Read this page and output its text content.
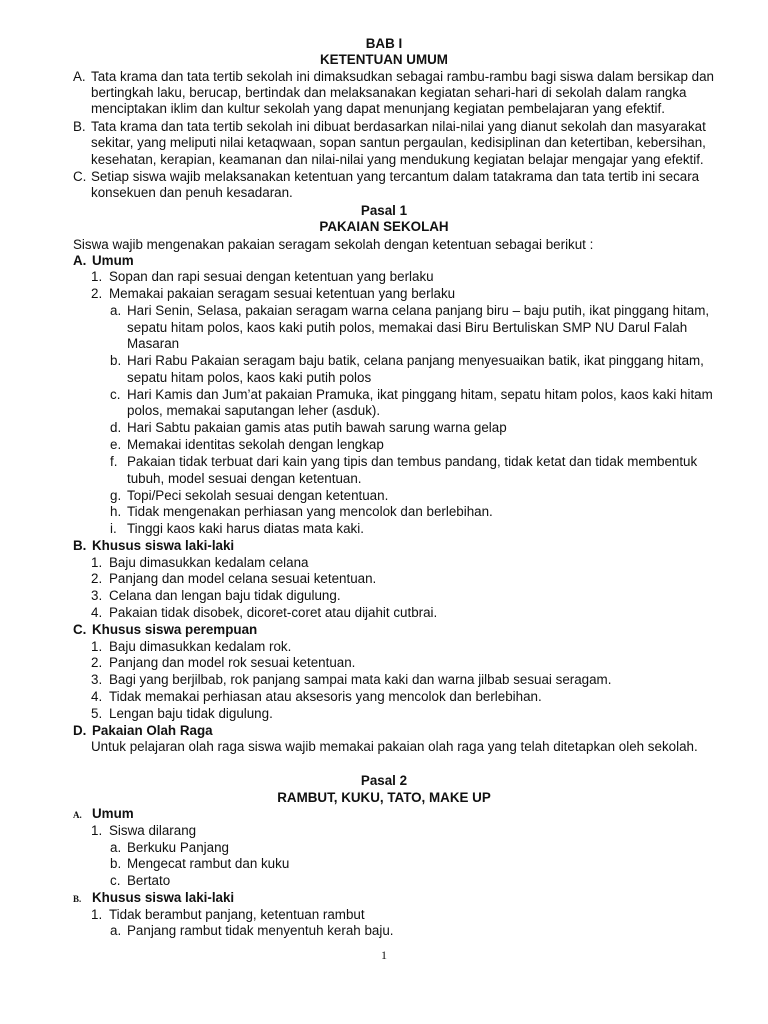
BAB I
KETENTUAN UMUM
A. Tata krama dan tata tertib sekolah ini dimaksudkan sebagai rambu-rambu bagi siswa dalam bersikap dan
bertingkah laku, berucap, bertindak dan melaksanakan kegiatan sehari-hari di sekolah dalam rangka
menciptakan iklim dan kultur sekolah yang dapat menunjang kegiatan pembelajaran yang efektif.
B. Tata krama dan tata tertib sekolah ini dibuat berdasarkan nilai-nilai yang dianut sekolah dan masyarakat
sekitar, yang meliputi nilai ketaqwaan, sopan santun pergaulan, kedisiplinan dan ketertiban, kebersihan,
kesehatan, kerapian, keamanan dan nilai-nilai yang mendukung kegiatan belajar mengajar yang efektif.
C. Setiap siswa wajib melaksanakan ketentuan yang tercantum dalam tatakrama dan tata tertib ini secara
konsekuen dan penuh kesadaran.
Pasal 1
PAKAIAN SEKOLAH
Siswa wajib mengenakan pakaian seragam sekolah dengan ketentuan sebagai berikut :
A. Umum
1. Sopan dan rapi sesuai dengan ketentuan yang berlaku
2. Memakai pakaian seragam sesuai ketentuan yang berlaku
a. Hari Senin, Selasa, pakaian seragam warna celana panjang biru – baju putih, ikat pinggang hitam,
sepatu hitam polos, kaos kaki putih polos, memakai dasi Biru Bertuliskan SMP NU Darul Falah
Masaran
b. Hari Rabu Pakaian seragam baju batik, celana panjang menyesuaikan batik, ikat pinggang hitam,
sepatu hitam polos, kaos kaki putih polos
c. Hari Kamis dan Jum’at pakaian Pramuka, ikat pinggang hitam, sepatu hitam polos, kaos kaki hitam
polos, memakai saputangan leher (asduk).
d. Hari Sabtu pakaian gamis atas putih bawah sarung warna gelap
e. Memakai identitas sekolah dengan lengkap
f. Pakaian tidak terbuat dari kain yang tipis dan tembus pandang, tidak ketat dan tidak membentuk
tubuh, model sesuai dengan ketentuan.
g. Topi/Peci sekolah sesuai dengan ketentuan.
h. Tidak mengenakan perhiasan yang mencolok dan berlebihan.
i. Tinggi kaos kaki harus diatas mata kaki.
B. Khusus siswa laki-laki
1. Baju dimasukkan kedalam celana
2. Panjang dan model celana sesuai ketentuan.
3. Celana dan lengan baju tidak digulung.
4. Pakaian tidak disobek, dicoret-coret atau dijahit cutbrai.
C. Khusus siswa perempuan
1. Baju dimasukkan kedalam rok.
2. Panjang dan model rok sesuai ketentuan.
3. Bagi yang berjilbab, rok panjang sampai mata kaki dan warna jilbab sesuai seragam.
4. Tidak memakai perhiasan atau aksesoris yang mencolok dan berlebihan.
5. Lengan baju tidak digulung.
D. Pakaian Olah Raga
Untuk pelajaran olah raga siswa wajib memakai pakaian olah raga yang telah ditetapkan oleh sekolah.
Pasal 2
RAMBUT, KUKU, TATO, MAKE UP
A. Umum
1. Siswa dilarang
a. Berkuku Panjang
b. Mengecat rambut dan kuku
c. Bertato
B. Khusus siswa laki-laki
1. Tidak berambut panjang, ketentuan rambut
a. Panjang rambut tidak menyentuh kerah baju.
1
